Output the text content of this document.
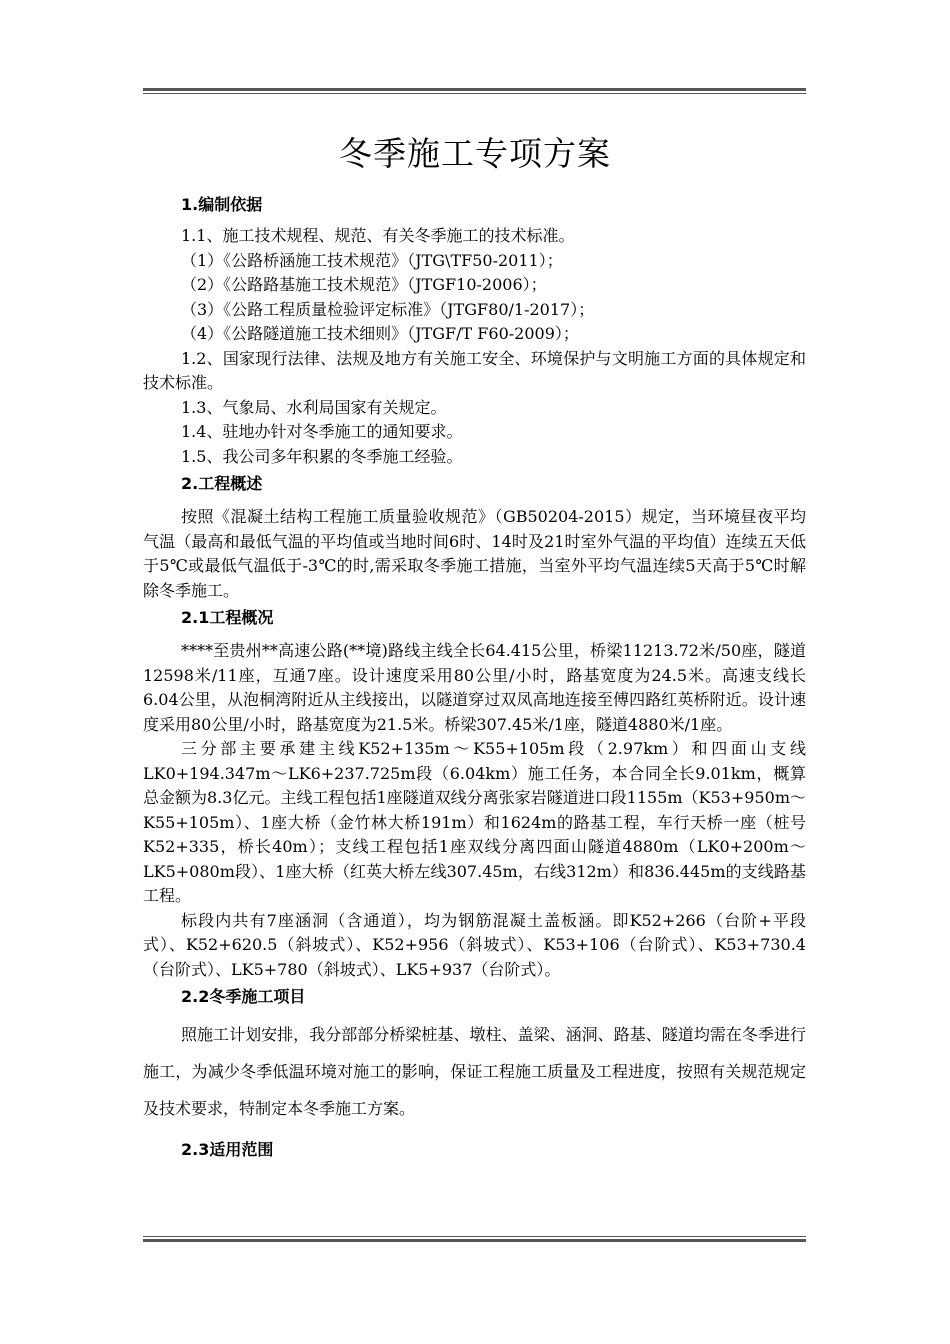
冬季施工专项方案
1.编制依据

1.1、施工技术规程、规范、有关冬季施工的技术标准。

（1）《公路桥涵施工技术规范》（JTG\TF50-2011）；

（2）《公路路基施工技术规范》（JTGF10-2006）；

（3）《公路工程质量检验评定标准》（JTGF80/1-2017）；

（4）《公路隧道施工技术细则》（JTGF/T F60-2009）；

1.2、国家现行法律、法规及地方有关施工安全、环境保护与文明施工方面的具体规定和技术标准。

1.3、气象局、水利局国家有关规定。

1.4、驻地办针对冬季施工的通知要求。

1.5、我公司多年积累的冬季施工经验。

2.工程概述

按照《混凝土结构工程施工质量验收规范》（GB50204-2015）规定，当环境昼夜平均气温（最高和最低气温的平均值或当地时间6时、14时及21时室外气温的平均值）连续五天低于5℃或最低气温低于-3℃的时,需采取冬季施工措施，当室外平均气温连续5天高于5℃时解除冬季施工。

2.1工程概况

****至贵州**高速公路(**境)路线主线全长64.415公里，桥梁11213.72米/50座，隧道12598米/11座，互通7座。设计速度采用80公里/小时，路基宽度为24.5米。高速支线长6.04公里，从泡桐湾附近从主线接出，以隧道穿过双凤高地连接至傅四路红英桥附近。设计速度采用80公里/小时，路基宽度为21.5米。桥梁307.45米/1座，隧道4880米/1座。

三分部主要承建主线K52+135m～K55+105m段（2.97km）和四面山支线LK0+194.347m～LK6+237.725m段（6.04km）施工任务，本合同全长9.01km，概算总金额为8.3亿元。主线工程包括1座隧道双线分离张家岩隧道进口段1155m（K53+950m～K55+105m）、1座大桥（金竹林大桥191m）和1624m的路基工程，车行天桥一座（桩号K52+335，桥长40m）；支线工程包括1座双线分离四面山隧道4880m（LK0+200m～LK5+080m段）、1座大桥（红英大桥左线307.45m，右线312m）和836.445m的支线路基工程。

标段内共有7座涵洞（含通道），均为钢筋混凝土盖板涵。即K52+266（台阶+平段式）、K52+620.5（斜坡式）、K52+956（斜坡式）、K53+106（台阶式）、K53+730.4（台阶式）、LK5+780（斜坡式）、LK5+937（台阶式）。

2.2冬季施工项目

照施工计划安排，我分部部分桥梁桩基、墩柱、盖梁、涵洞、路基、隧道均需在冬季进行施工，为减少冬季低温环境对施工的影响，保证工程施工质量及工程进度，按照有关规范规定及技术要求，特制定本冬季施工方案。

2.3适用范围
